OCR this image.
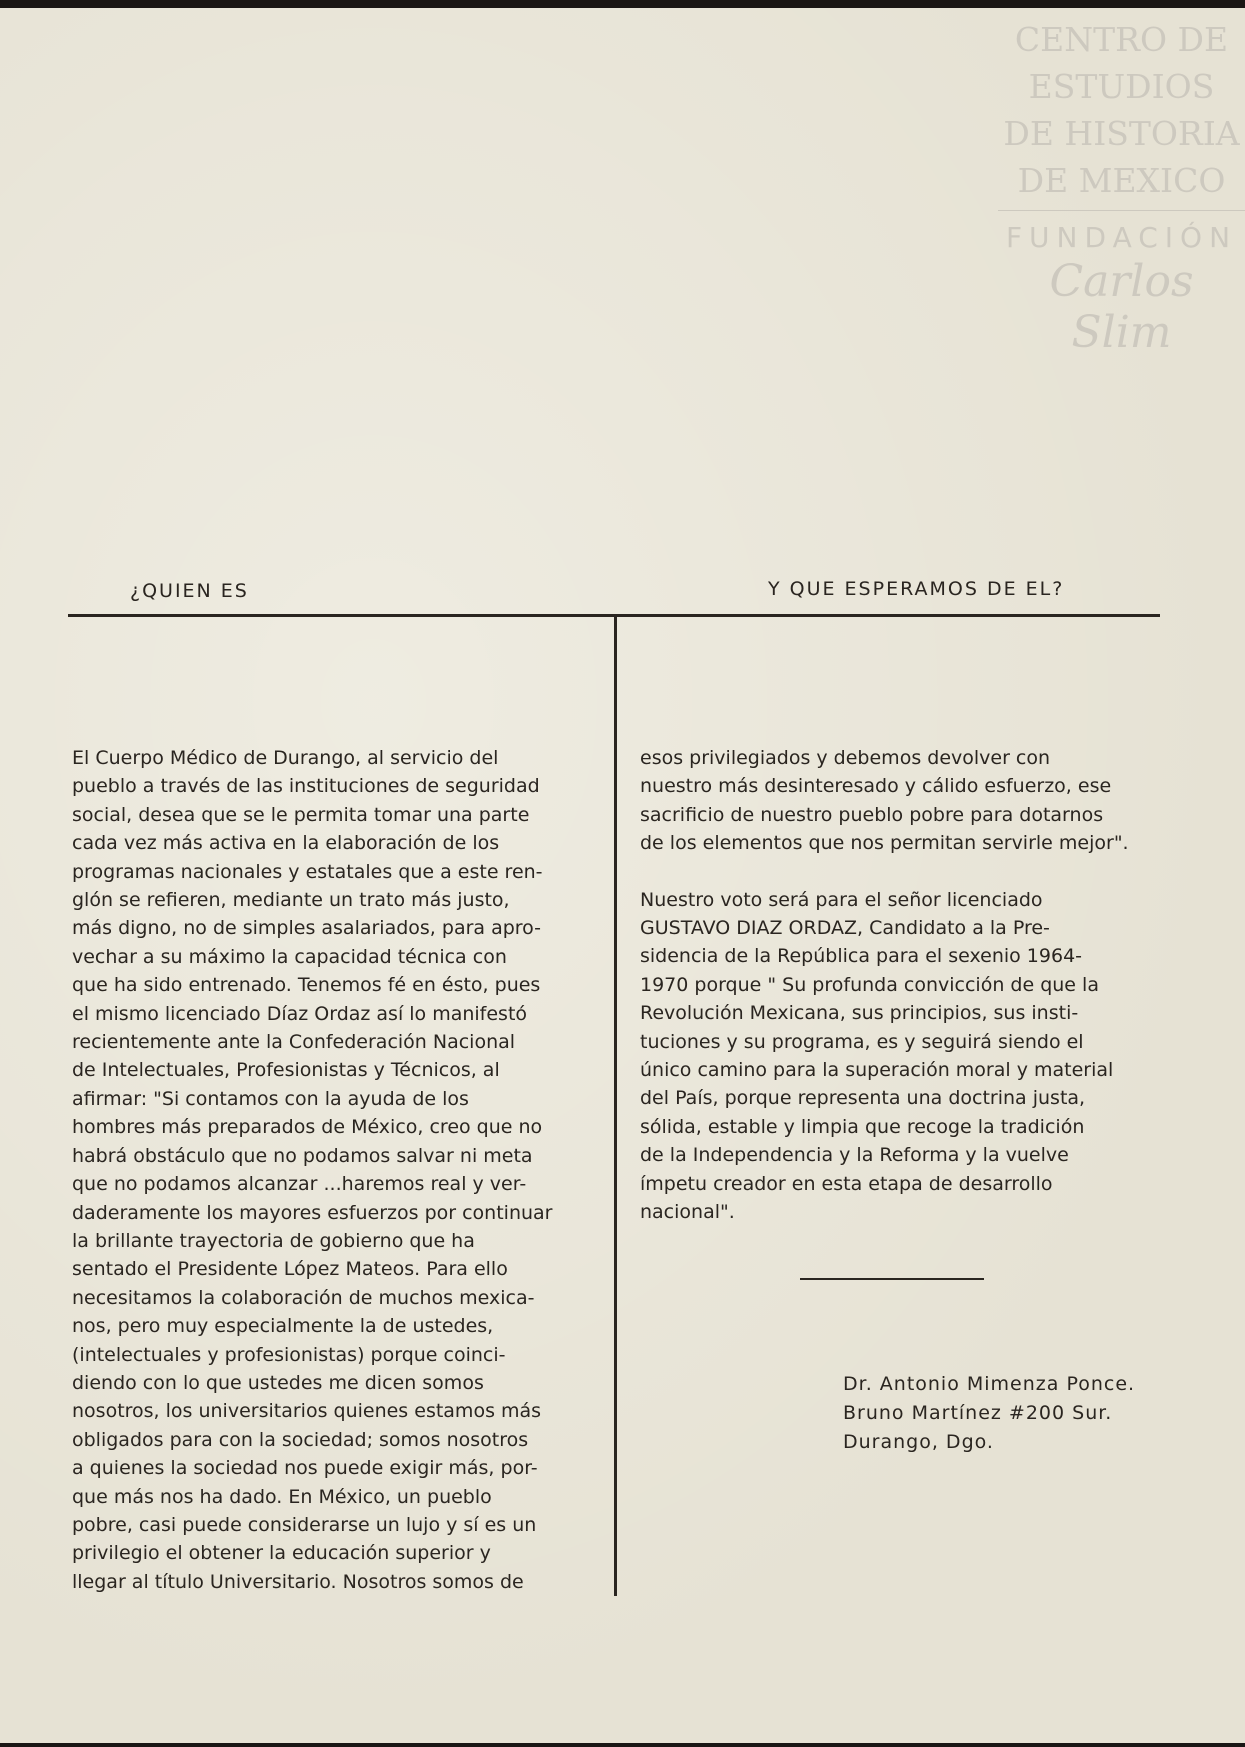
CENTRO DE
ESTUDIOS
DE HISTORIA
DE MEXICO
FUNDACIÓN
Carlos Slim
¿QUIEN ES	Y QUE ESPERAMOS DE EL?
El Cuerpo Médico de Durango, al servicio del
pueblo a través de las instituciones de seguridad
social, desea que se le permita tomar una parte
cada vez más activa en la elaboración de los
programas nacionales y estatales que a este ren-
glón se refieren, mediante un trato más justo,
más digno, no de simples asalariados, para apro-
vechar a su máximo la capacidad técnica con
que ha sido entrenado. Tenemos fé en ésto, pues
el mismo licenciado Díaz Ordaz así lo manifestó
recientemente ante la Confederación Nacional
de Intelectuales, Profesionistas y Técnicos, al
afirmar: "Si contamos con la ayuda de los
hombres más preparados de México, creo que no
habrá obstáculo que no podamos salvar ni meta
que no podamos alcanzar ...haremos real y ver-
daderamente los mayores esfuerzos por continuar
la brillante trayectoria de gobierno que ha
sentado el Presidente López Mateos. Para ello
necesitamos la colaboración de muchos mexica-
nos, pero muy especialmente la de ustedes,
(intelectuales y profesionistas) porque coinci-
diendo con lo que ustedes me dicen somos
nosotros, los universitarios quienes estamos más
obligados para con la sociedad; somos nosotros
a quienes la sociedad nos puede exigir más, por-
que más nos ha dado. En México, un pueblo
pobre, casi puede considerarse un lujo y sí es un
privilegio el obtener la educación superior y
llegar al título Universitario. Nosotros somos de
esos privilegiados y debemos devolver con
nuestro más desinteresado y cálido esfuerzo, ese
sacrificio de nuestro pueblo pobre para dotarnos
de los elementos que nos permitan servirle mejor".
Nuestro voto será para el señor licenciado
GUSTAVO DIAZ ORDAZ, Candidato a la Pre-
sidencia de la República para el sexenio 1964-
1970 porque " Su profunda convicción de que la
Revolución Mexicana, sus principios, sus insti-
tuciones y su programa, es y seguirá siendo el
único camino para la superación moral y material
del País, porque representa una doctrina justa,
sólida, estable y limpia que recoge la tradición
de la Independencia y la Reforma y la vuelve
ímpetu creador en esta etapa de desarrollo
nacional".
Dr. Antonio Mimenza Ponce.
Bruno Martínez #200 Sur.
Durango, Dgo.
